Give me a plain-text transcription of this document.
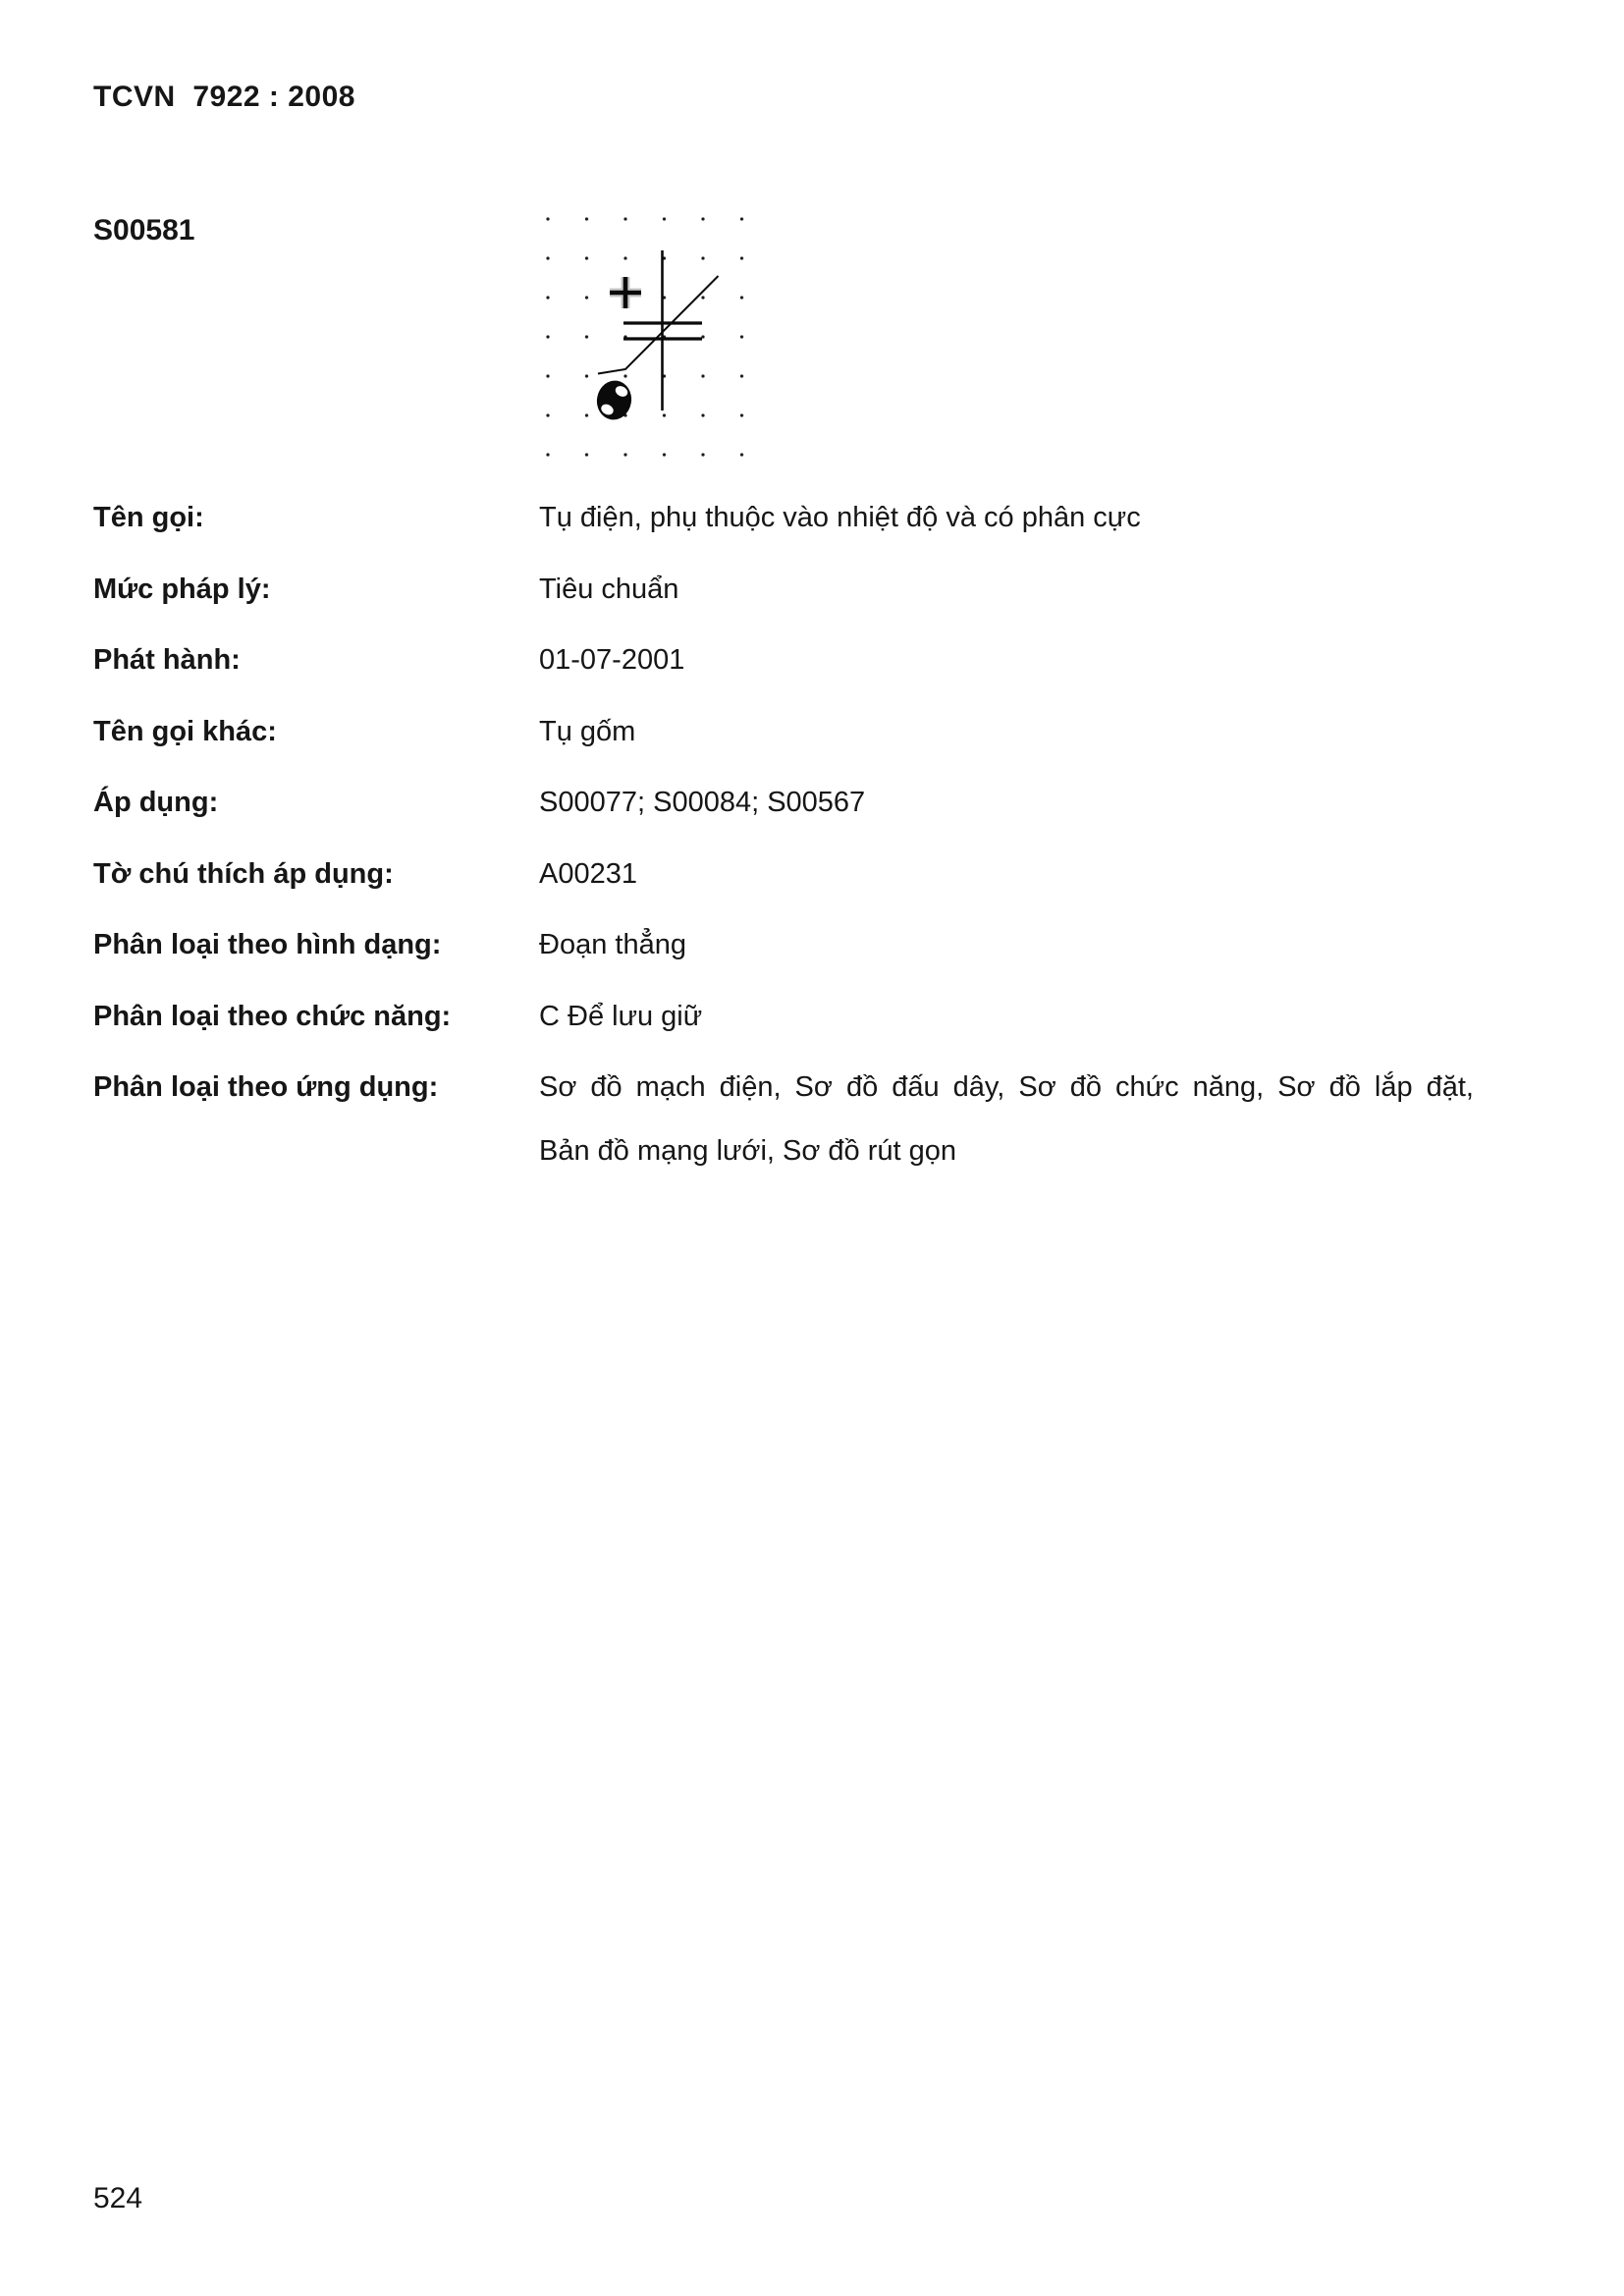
TCVN  7922 : 2008
S00581
Tên gọi:	Tụ điện, phụ thuộc vào nhiệt độ và có phân cực
Mức pháp lý:	Tiêu chuẩn
Phát hành:	01-07-2001
Tên gọi khác:	Tụ gốm
Áp dụng:	S00077; S00084; S00567
Tờ chú thích áp dụng:	A00231
Phân loại theo hình dạng:	Đoạn thẳng
Phân loại theo chức năng:	C Để lưu giữ
Phân loại theo ứng dụng:	Sơ đồ mạch điện, Sơ đồ đấu dây, Sơ đồ chức năng, Sơ đồ lắp đặt,
Bản đồ mạng lưới, Sơ đồ rút gọn
524
